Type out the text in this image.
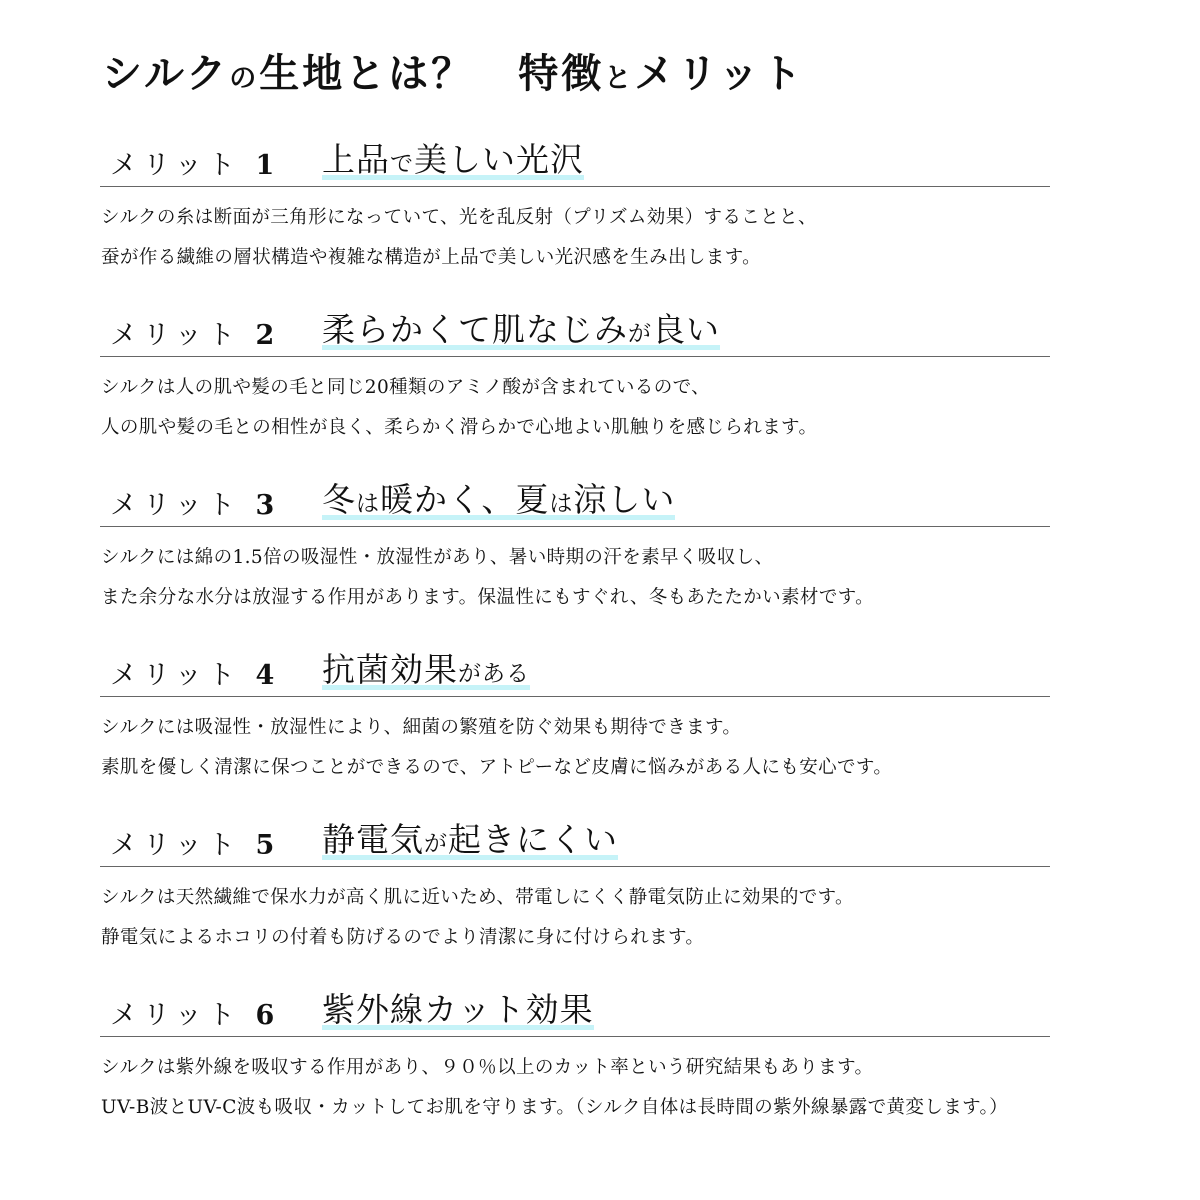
シルクの生地とは？ 特徴とメリット
メリット 1 上品で美しい光沢

シルクの糸は断面が三角形になっていて、光を乱反射（プリズム効果）することと、
蚕が作る繊維の層状構造や複雑な構造が上品で美しい光沢感を生み出します。

メリット 2 柔らかくて肌なじみが良い

シルクは人の肌や髪の毛と同じ20種類のアミノ酸が含まれているので、
人の肌や髪の毛との相性が良く、柔らかく滑らかで心地よい肌触りを感じられます。

メリット 3 冬は暖かく、夏は涼しい

シルクには綿の1.5倍の吸湿性・放湿性があり、暑い時期の汗を素早く吸収し、
また余分な水分は放湿する作用があります。保温性にもすぐれ、冬もあたたかい素材です。

メリット 4 抗菌効果がある

シルクには吸湿性・放湿性により、細菌の繁殖を防ぐ効果も期待できます。
素肌を優しく清潔に保つことができるので、アトピーなど皮膚に悩みがある人にも安心です。

メリット 5 静電気が起きにくい

シルクは天然繊維で保水力が高く肌に近いため、帯電しにくく静電気防止に効果的です。
静電気によるホコリの付着も防げるのでより清潔に身に付けられます。

メリット 6 紫外線カット効果

シルクは紫外線を吸収する作用があり、９０％以上のカット率という研究結果もあります。
UV-B波とUV-C波も吸収・カットしてお肌を守ります。（シルク自体は長時間の紫外線暴露で黄変します。）
